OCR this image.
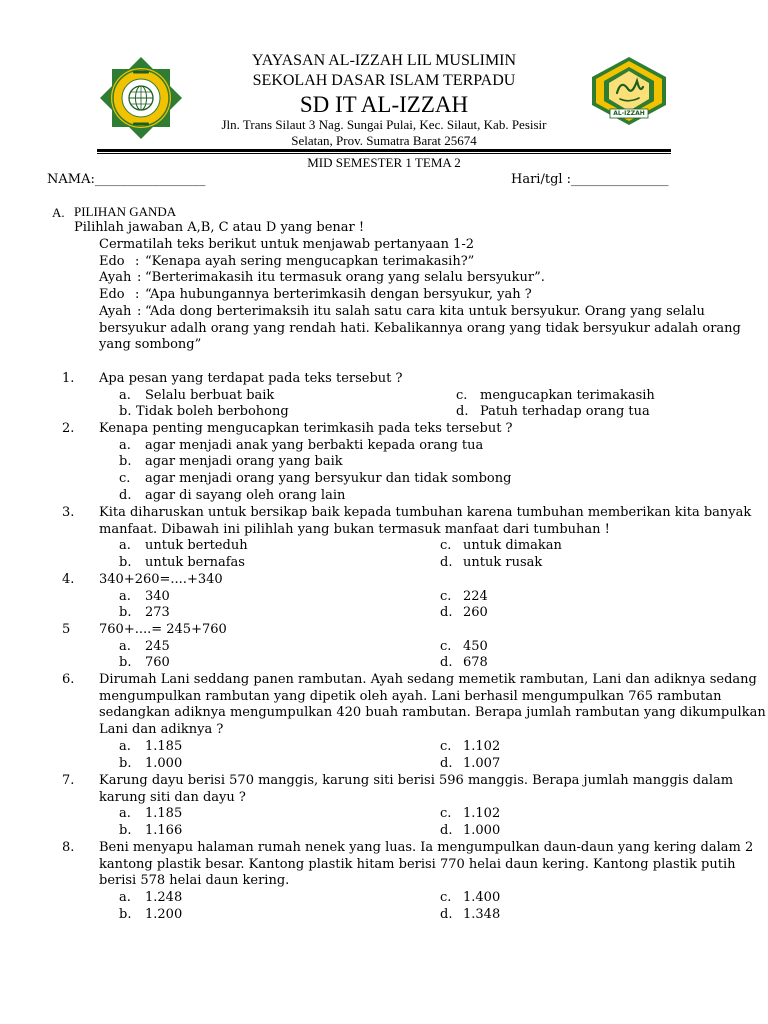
YAYASAN AL-IZZAH LIL MUSLIMIN
SEKOLAH DASAR ISLAM TERPADU
SD IT AL-IZZAH
Jln. Trans Silaut 3 Nag. Sungai Pulai, Kec. Silaut, Kab. Pesisir
Selatan, Prov. Sumatra Barat 25674
AL-IZZAH
MID SEMESTER 1 TEMA 2
NAMA:_________________	Hari/tgl :_______________
A. PILIHAN GANDA
Pilihlah jawaban A,B, C atau D yang benar !
Cermatilah teks berikut untuk menjawab pertanyaan 1-2
Edo : “Kenapa ayah sering mengucapkan terimakasih?”
Ayah : “Berterimakasih itu termasuk orang yang selalu bersyukur”.
Edo : “Apa hubungannya berterimkasih dengan bersyukur, yah ?
Ayah : “Ada dong berterimaksih itu salah satu cara kita untuk bersyukur. Orang yang selalu
bersyukur adalh orang yang rendah hati. Kebalikannya orang yang tidak bersyukur adalah orang
yang sombong”
1. Apa pesan yang terdapat pada teks tersebut ?
a. Selalu berbuat baik	c. mengucapkan terimakasih
b. Tidak boleh berbohong	d. Patuh terhadap orang tua
2. Kenapa penting mengucapkan terimkasih pada teks tersebut ?
a. agar menjadi anak yang berbakti kepada orang tua
b. agar menjadi orang yang baik
c. agar menjadi orang yang bersyukur dan tidak sombong
d. agar di sayang oleh orang lain
3. Kita diharuskan untuk bersikap baik kepada tumbuhan karena tumbuhan memberikan kita banyak
manfaat. Dibawah ini pilihlah yang bukan termasuk manfaat dari tumbuhan !
a. untuk berteduh	c. untuk dimakan
b. untuk bernafas	d. untuk rusak
4. 340+260=....+340
a. 340	c. 224
b. 273	d. 260
5 760+....= 245+760
a. 245	c. 450
b. 760	d. 678
6. Dirumah Lani seddang panen rambutan. Ayah sedang memetik rambutan, Lani dan adiknya sedang
mengumpulkan rambutan yang dipetik oleh ayah. Lani berhasil mengumpulkan 765 rambutan
sedangkan adiknya mengumpulkan 420 buah rambutan. Berapa jumlah rambutan yang dikumpulkan
Lani dan adiknya ?
a. 1.185	c. 1.102
b. 1.000	d. 1.007
7. Karung dayu berisi 570 manggis, karung siti berisi 596 manggis. Berapa jumlah manggis dalam
karung siti dan dayu ?
a. 1.185	c. 1.102
b. 1.166	d. 1.000
8. Beni menyapu halaman rumah nenek yang luas. Ia mengumpulkan daun-daun yang kering dalam 2
kantong plastik besar. Kantong plastik hitam berisi 770 helai daun kering. Kantong plastik putih
berisi 578 helai daun kering.
a. 1.248	c. 1.400
b. 1.200	d. 1.348
